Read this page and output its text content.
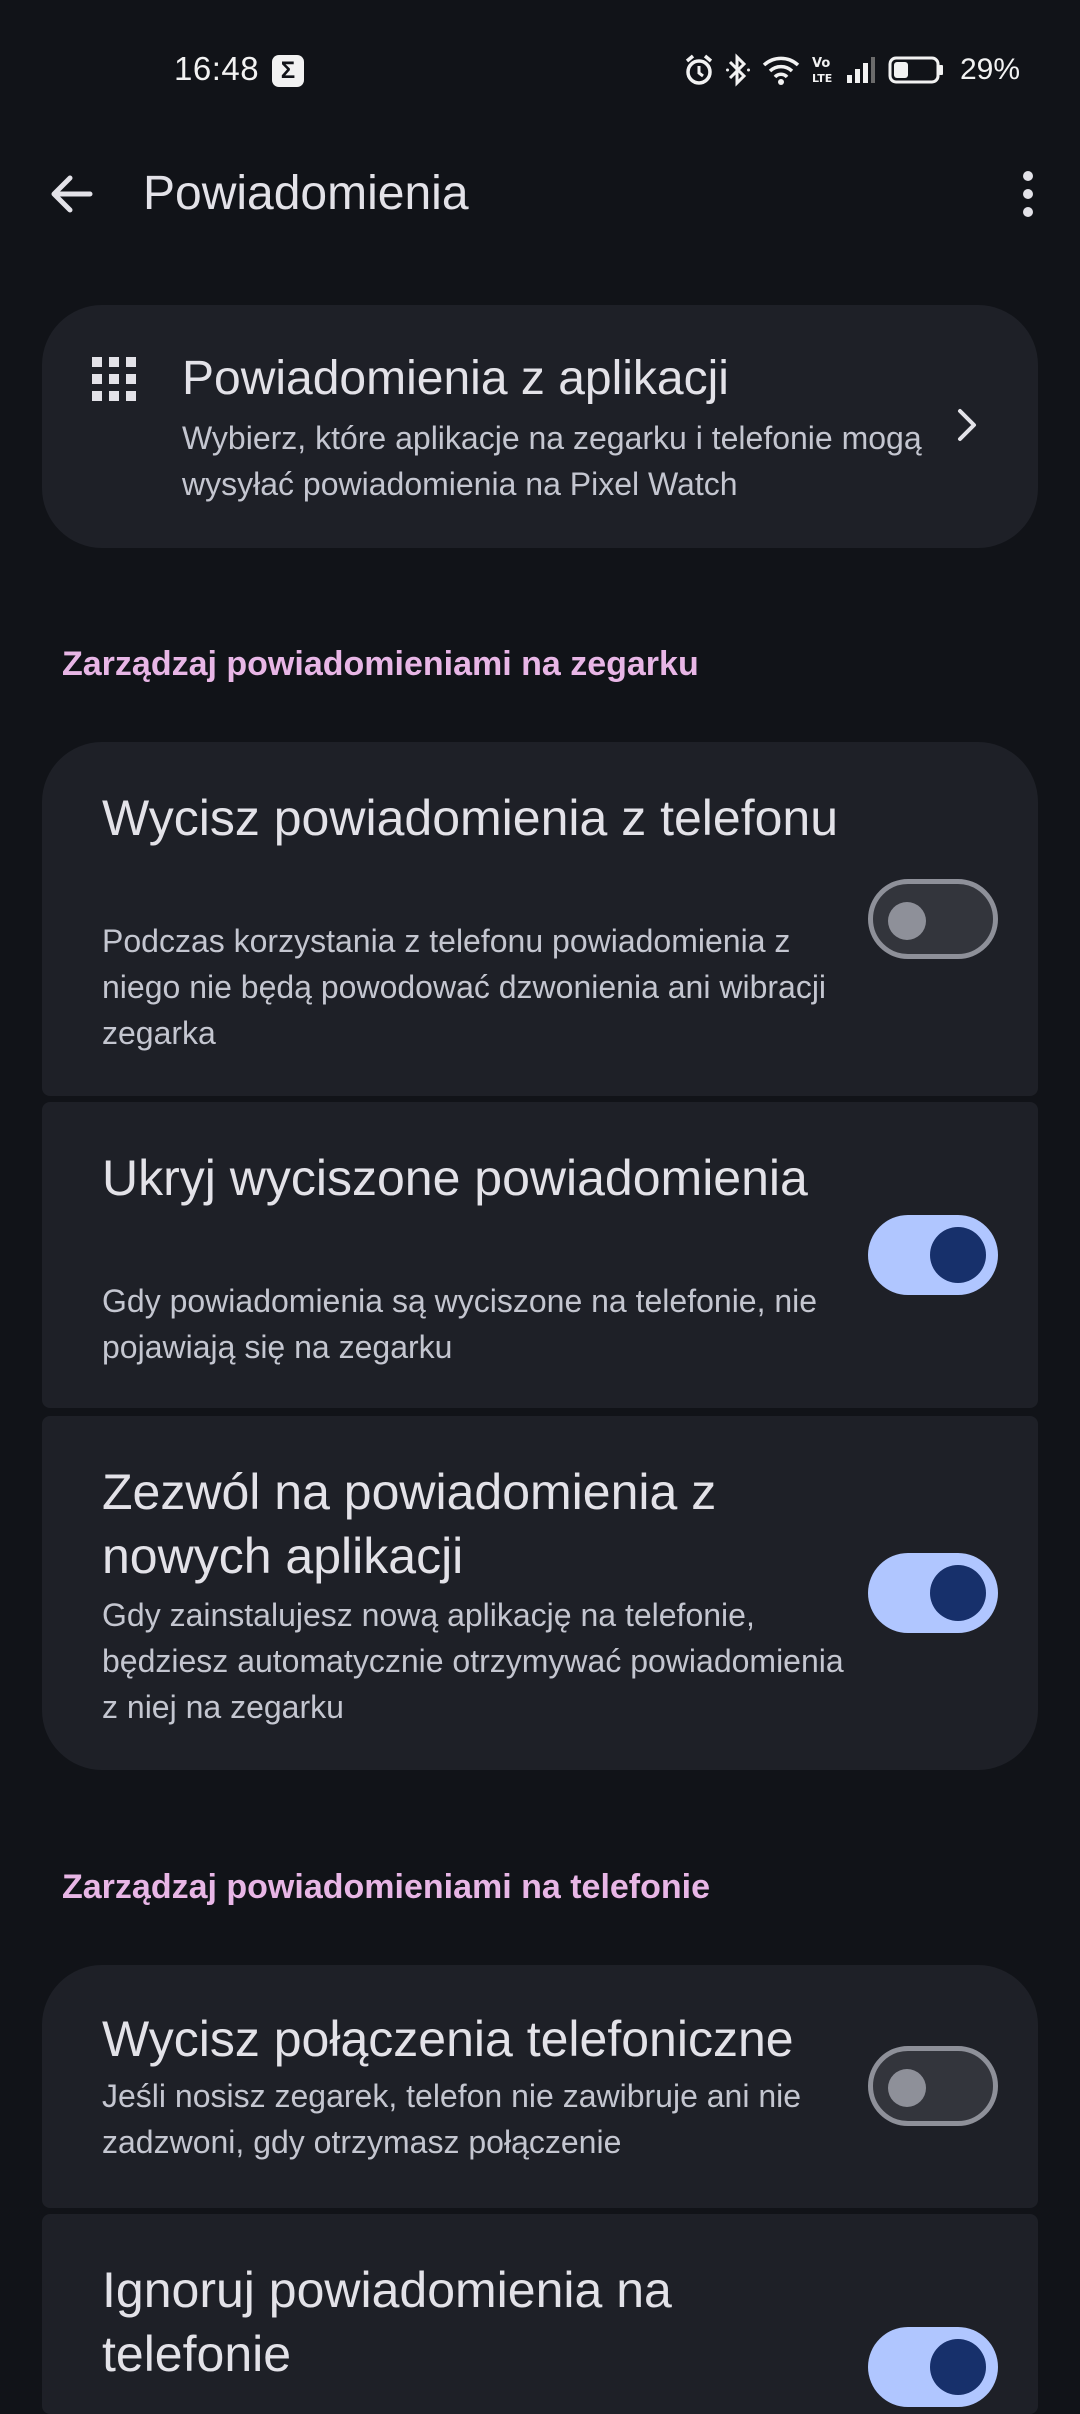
16:48 Σ	Vo
LTE	29%
Powiadomienia
Powiadomienia z aplikacji
Wybierz, które aplikacje na zegarku i telefonie mogą wysyłać powiadomienia na Pixel Watch
Zarządzaj powiadomieniami na zegarku
Wycisz powiadomienia z telefonu
Podczas korzystania z telefonu powiadomienia z niego nie będą powodować dzwonienia ani wibracji zegarka
Ukryj wyciszone powiadomienia
Gdy powiadomienia są wyciszone na telefonie, nie pojawiają się na zegarku
Zezwól na powiadomienia z nowych aplikacji
Gdy zainstalujesz nową aplikację na telefonie, będziesz automatycznie otrzymywać powiadomienia z niej na zegarku
Zarządzaj powiadomieniami na telefonie
Wycisz połączenia telefoniczne
Jeśli nosisz zegarek, telefon nie zawibruje ani nie zadzwoni, gdy otrzymasz połączenie
Ignoruj powiadomienia na telefonie
